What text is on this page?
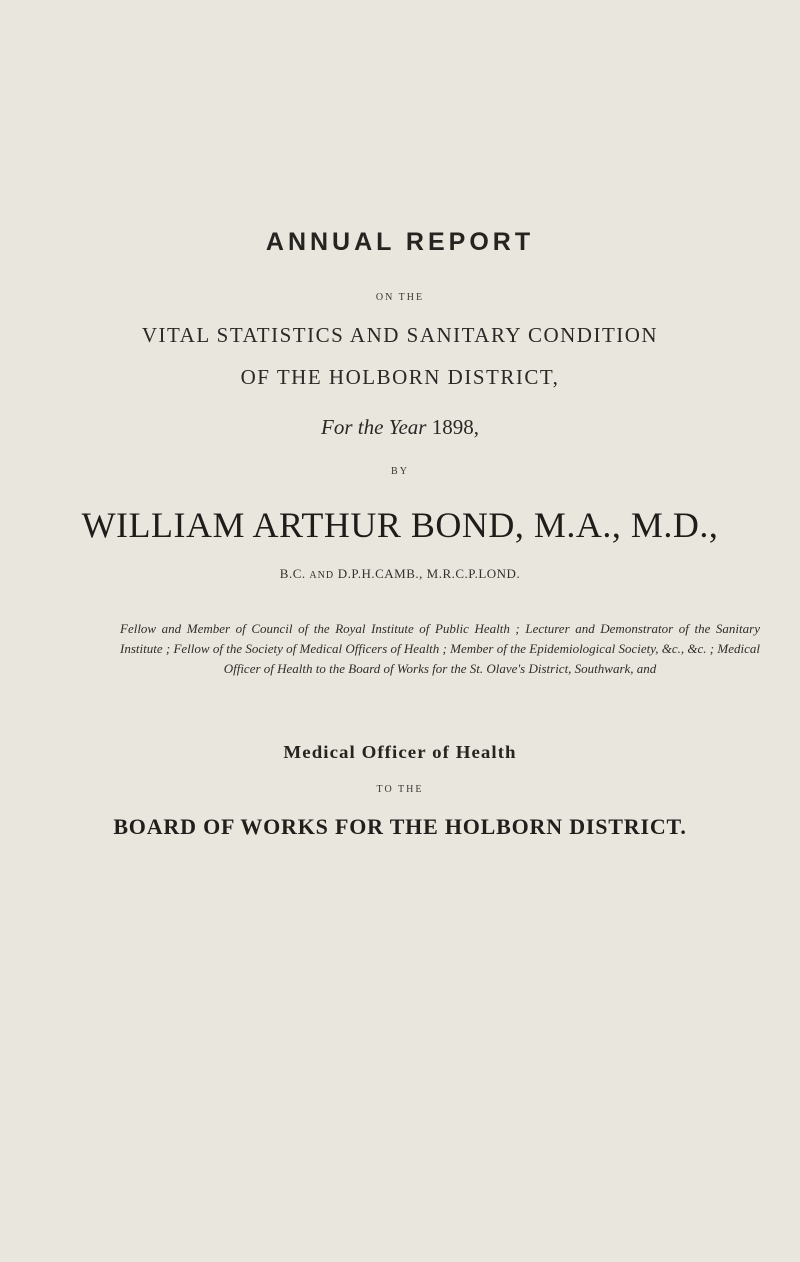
ANNUAL REPORT
ON THE
VITAL STATISTICS AND SANITARY CONDITION
OF THE HOLBORN DISTRICT,
For the Year 1898,
BY
WILLIAM ARTHUR BOND, M.A., M.D.,
B.C. AND D.P.H.CAMB., M.R.C.P.LOND.
Fellow and Member of Council of the Royal Institute of Public Health ; Lecturer and Demonstrator of the Sanitary Institute ; Fellow of the Society of Medical Officers of Health ; Member of the Epidemiological Society, &c., &c. ; Medical Officer of Health to the Board of Works for the St. Olave's District, Southwark, and
Medical Officer of Health
TO THE
BOARD OF WORKS FOR THE HOLBORN DISTRICT.
